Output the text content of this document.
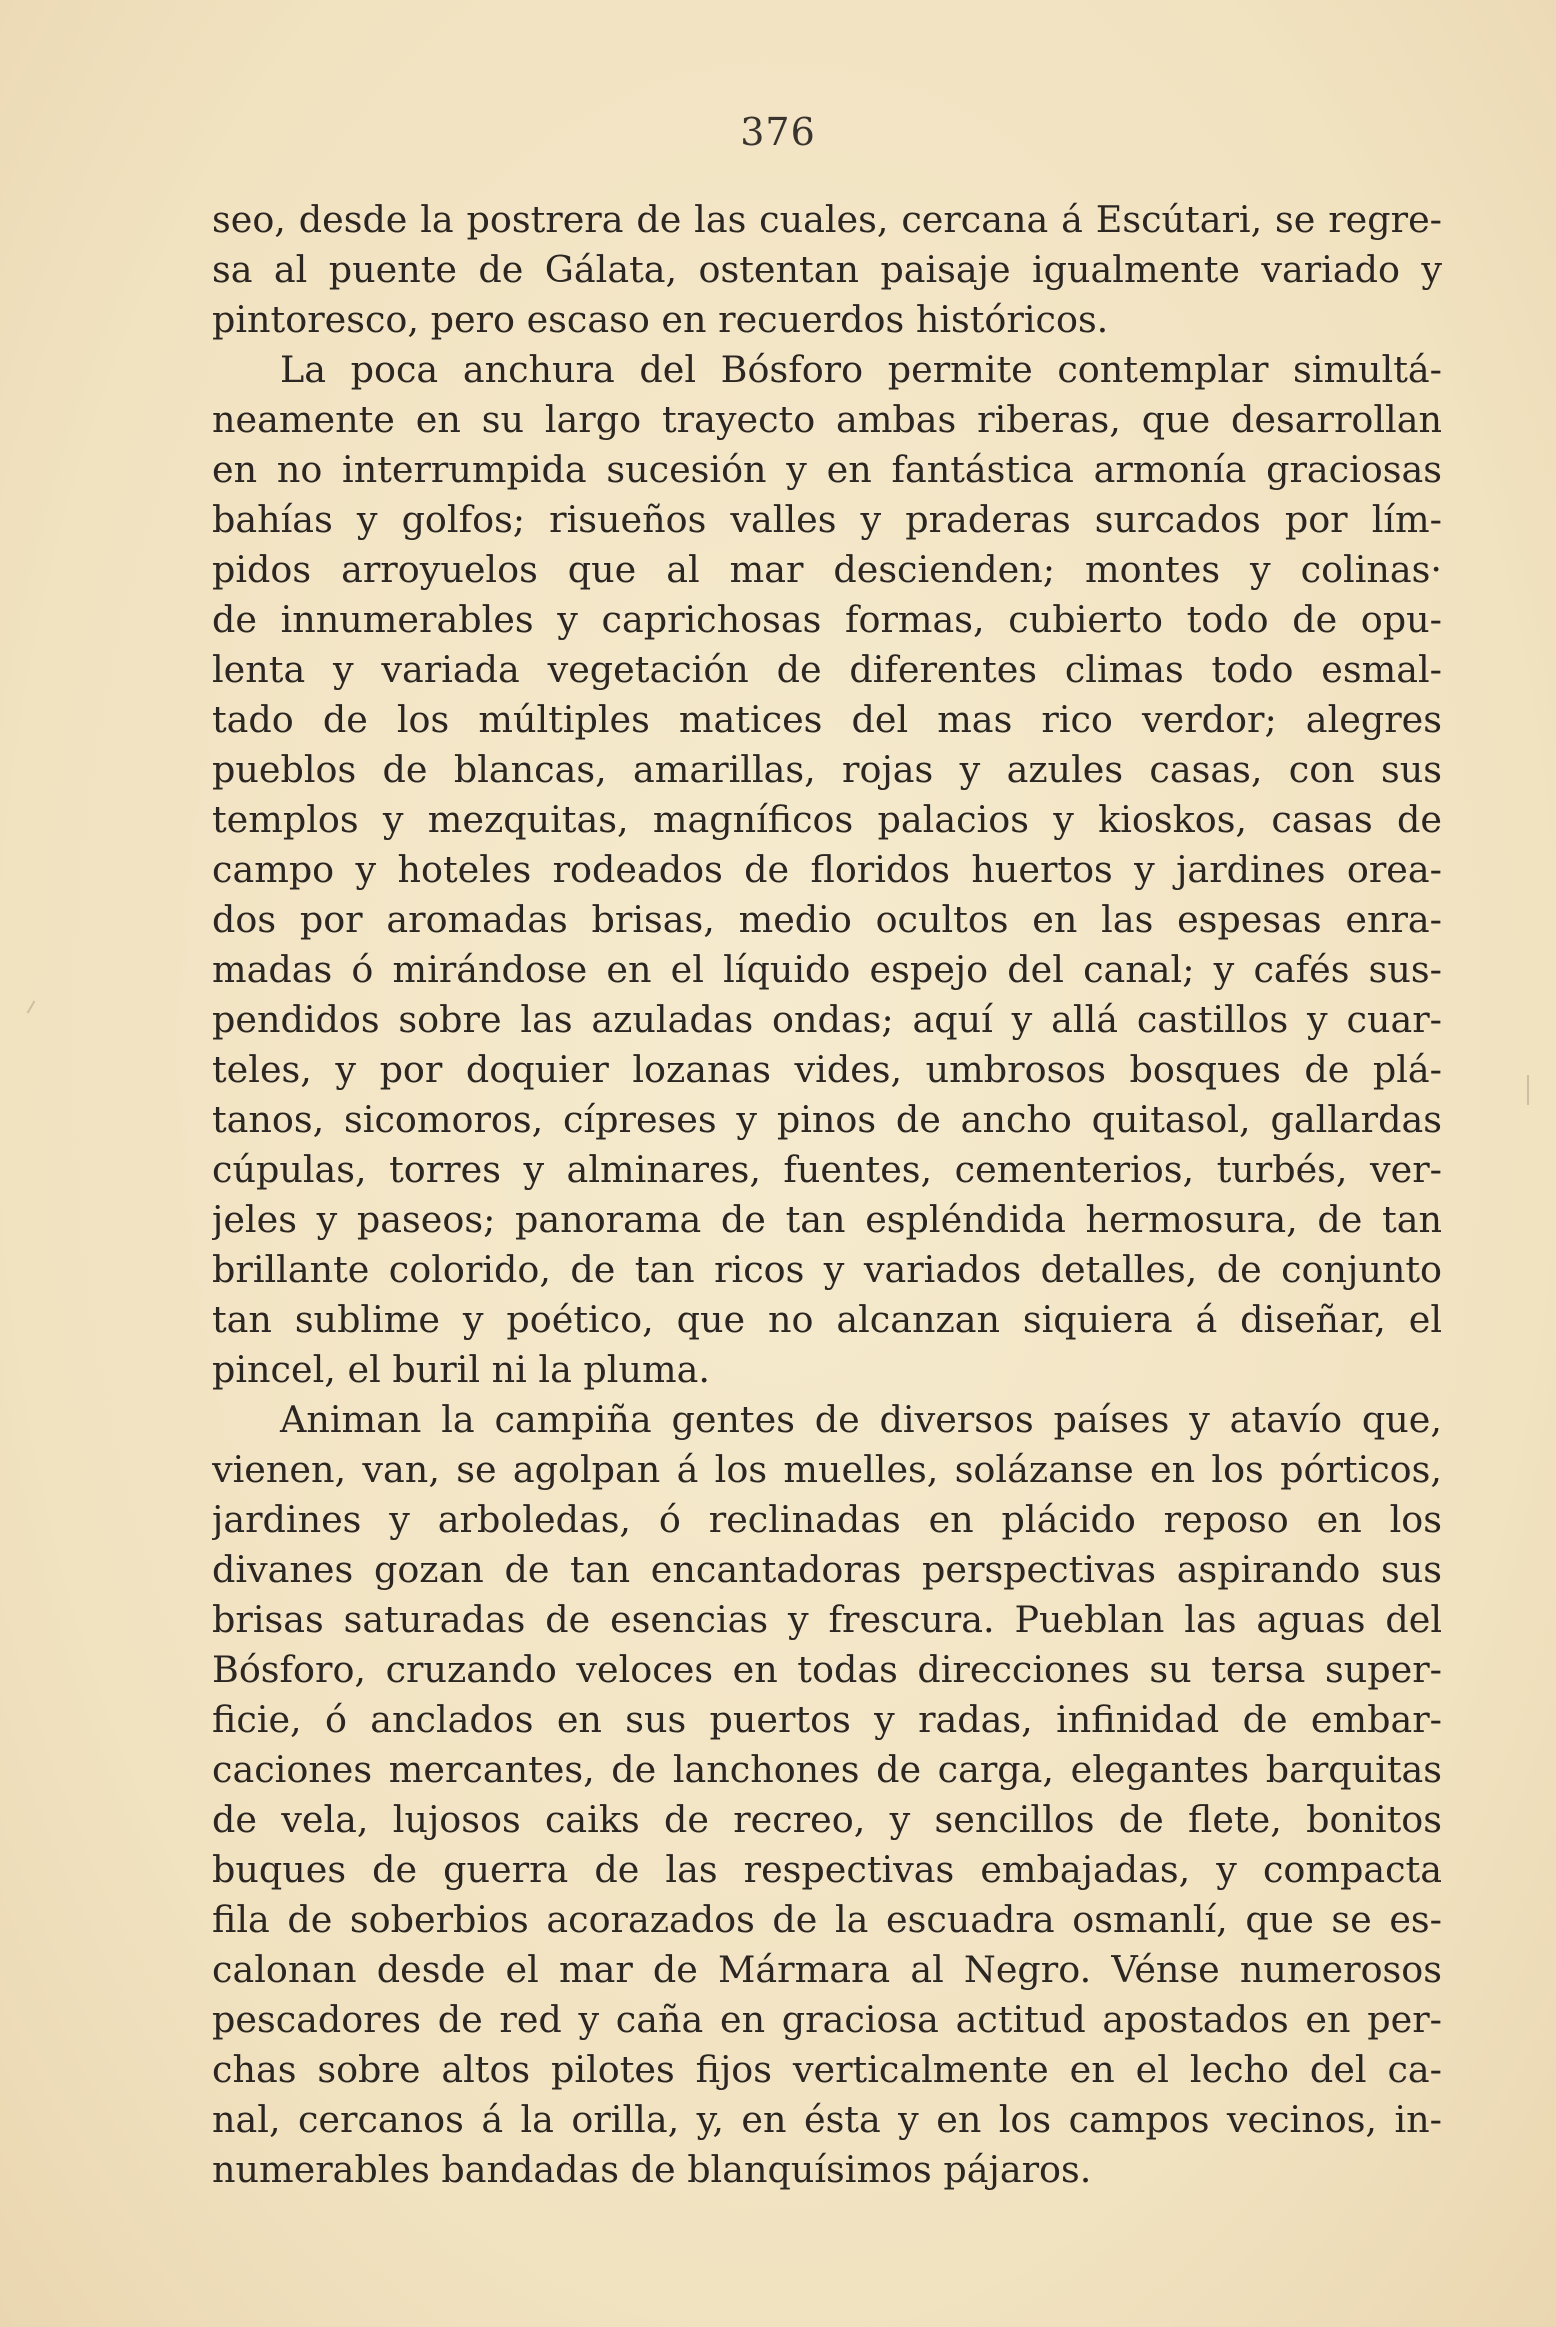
376
seo, desde la postrera de las cuales, cercana á Escútari, se regre-
sa al puente de Gálata, ostentan paisaje igualmente variado y
pintoresco, pero escaso en recuerdos históricos.
La poca anchura del Bósforo permite contemplar simultá-
neamente en su largo trayecto ambas riberas, que desarrollan
en no interrumpida sucesión y en fantástica armonía graciosas
bahías y golfos; risueños valles y praderas surcados por lím-
pidos arroyuelos que al mar descienden; montes y colinas·
de innumerables y caprichosas formas, cubierto todo de opu-
lenta y variada vegetación de diferentes climas todo esmal-
tado de los múltiples matices del mas rico verdor; alegres
pueblos de blancas, amarillas, rojas y azules casas, con sus
templos y mezquitas, magníficos palacios y kioskos, casas de
campo y hoteles rodeados de floridos huertos y jardines orea-
dos por aromadas brisas, medio ocultos en las espesas enra-
madas ó mirándose en el líquido espejo del canal; y cafés sus-
pendidos sobre las azuladas ondas; aquí y allá castillos y cuar-
teles, y por doquier lozanas vides, umbrosos bosques de plá-
tanos, sicomoros, cípreses y pinos de ancho quitasol, gallardas
cúpulas, torres y alminares, fuentes, cementerios, turbés, ver-
jeles y paseos; panorama de tan espléndida hermosura, de tan
brillante colorido, de tan ricos y variados detalles, de conjunto
tan sublime y poético, que no alcanzan siquiera á diseñar, el
pincel, el buril ni la pluma.
Animan la campiña gentes de diversos países y atavío que,
vienen, van, se agolpan á los muelles, solázanse en los pórticos,
jardines y arboledas, ó reclinadas en plácido reposo en los
divanes gozan de tan encantadoras perspectivas aspirando sus
brisas saturadas de esencias y frescura. Pueblan las aguas del
Bósforo, cruzando veloces en todas direcciones su tersa super-
ficie, ó anclados en sus puertos y radas, infinidad de embar-
caciones mercantes, de lanchones de carga, elegantes barquitas
de vela, lujosos caiks de recreo, y sencillos de flete, bonitos
buques de guerra de las respectivas embajadas, y compacta
fila de soberbios acorazados de la escuadra osmanlí, que se es-
calonan desde el mar de Mármara al Negro. Vénse numerosos
pescadores de red y caña en graciosa actitud apostados en per-
chas sobre altos pilotes fijos verticalmente en el lecho del ca-
nal, cercanos á la orilla, y, en ésta y en los campos vecinos, in-
numerables bandadas de blanquísimos pájaros.
